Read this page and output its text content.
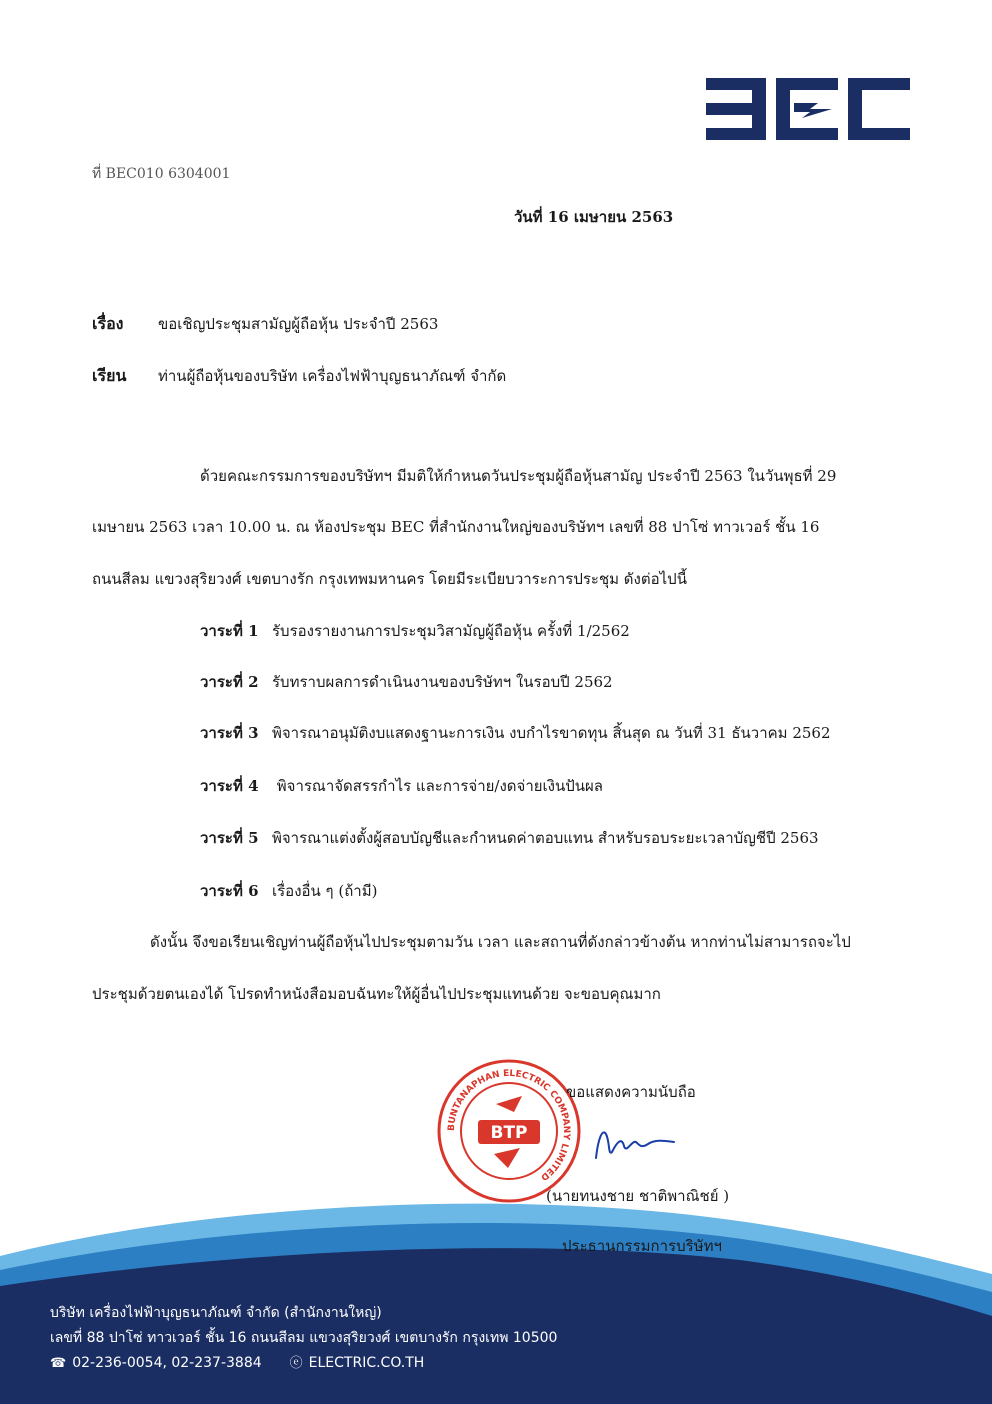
ที่ BEC010 6304001
วันที่ 16 เมษายน 2563
เรื่อง ขอเชิญประชุมสามัญผู้ถือหุ้น ประจำปี 2563
เรียน ท่านผู้ถือหุ้นของบริษัท เครื่องไฟฟ้าบุญธนาภัณฑ์ จำกัด
ด้วยคณะกรรมการของบริษัทฯ มีมติให้กำหนดวันประชุมผู้ถือหุ้นสามัญ ประจำปี 2563 ในวันพุธที่ 29
เมษายน 2563 เวลา 10.00 น. ณ ห้องประชุม BEC ที่สำนักงานใหญ่ของบริษัทฯ เลขที่ 88 ปาโซ่ ทาวเวอร์ ชั้น 16
ถนนสีลม แขวงสุริยวงศ์ เขตบางรัก กรุงเทพมหานคร โดยมีระเบียบวาระการประชุม ดังต่อไปนี้
วาระที่ 1 รับรองรายงานการประชุมวิสามัญผู้ถือหุ้น ครั้งที่ 1/2562
วาระที่ 2 รับทราบผลการดำเนินงานของบริษัทฯ ในรอบปี 2562
วาระที่ 3 พิจารณาอนุมัติงบแสดงฐานะการเงิน งบกำไรขาดทุน สิ้นสุด ณ วันที่ 31 ธันวาคม 2562
วาระที่ 4 พิจารณาจัดสรรกำไร และการจ่าย/งดจ่ายเงินปันผล
วาระที่ 5 พิจารณาแต่งตั้งผู้สอบบัญชีและกำหนดค่าตอบแทน สำหรับรอบระยะเวลาบัญชีปี 2563
วาระที่ 6 เรื่องอื่น ๆ (ถ้ามี)
ดังนั้น จึงขอเรียนเชิญท่านผู้ถือหุ้นไปประชุมตามวัน เวลา และสถานที่ดังกล่าวข้างต้น หากท่านไม่สามารถจะไป
ประชุมด้วยตนเองได้ โปรดทำหนังสือมอบฉันทะให้ผู้อื่นไปประชุมแทนด้วย จะขอบคุณมาก
BUNTANAPHAN ELECTRIC COMPANY LIMITED
BTP
ขอแสดงความนับถือ
(นายทนงชาย ชาติพาณิชย์ )
ประธานกรรมการบริษัทฯ
บริษัท เครื่องไฟฟ้าบุญธนาภัณฑ์ จำกัด (สำนักงานใหญ่)
เลขที่ 88 ปาโซ่ ทาวเวอร์ ชั้น 16 ถนนสีลม แขวงสุริยวงศ์ เขตบางรัก กรุงเทพ 10500
☎ 02-236-0054, 02-237-3884 ⓔ ELECTRIC.CO.TH
